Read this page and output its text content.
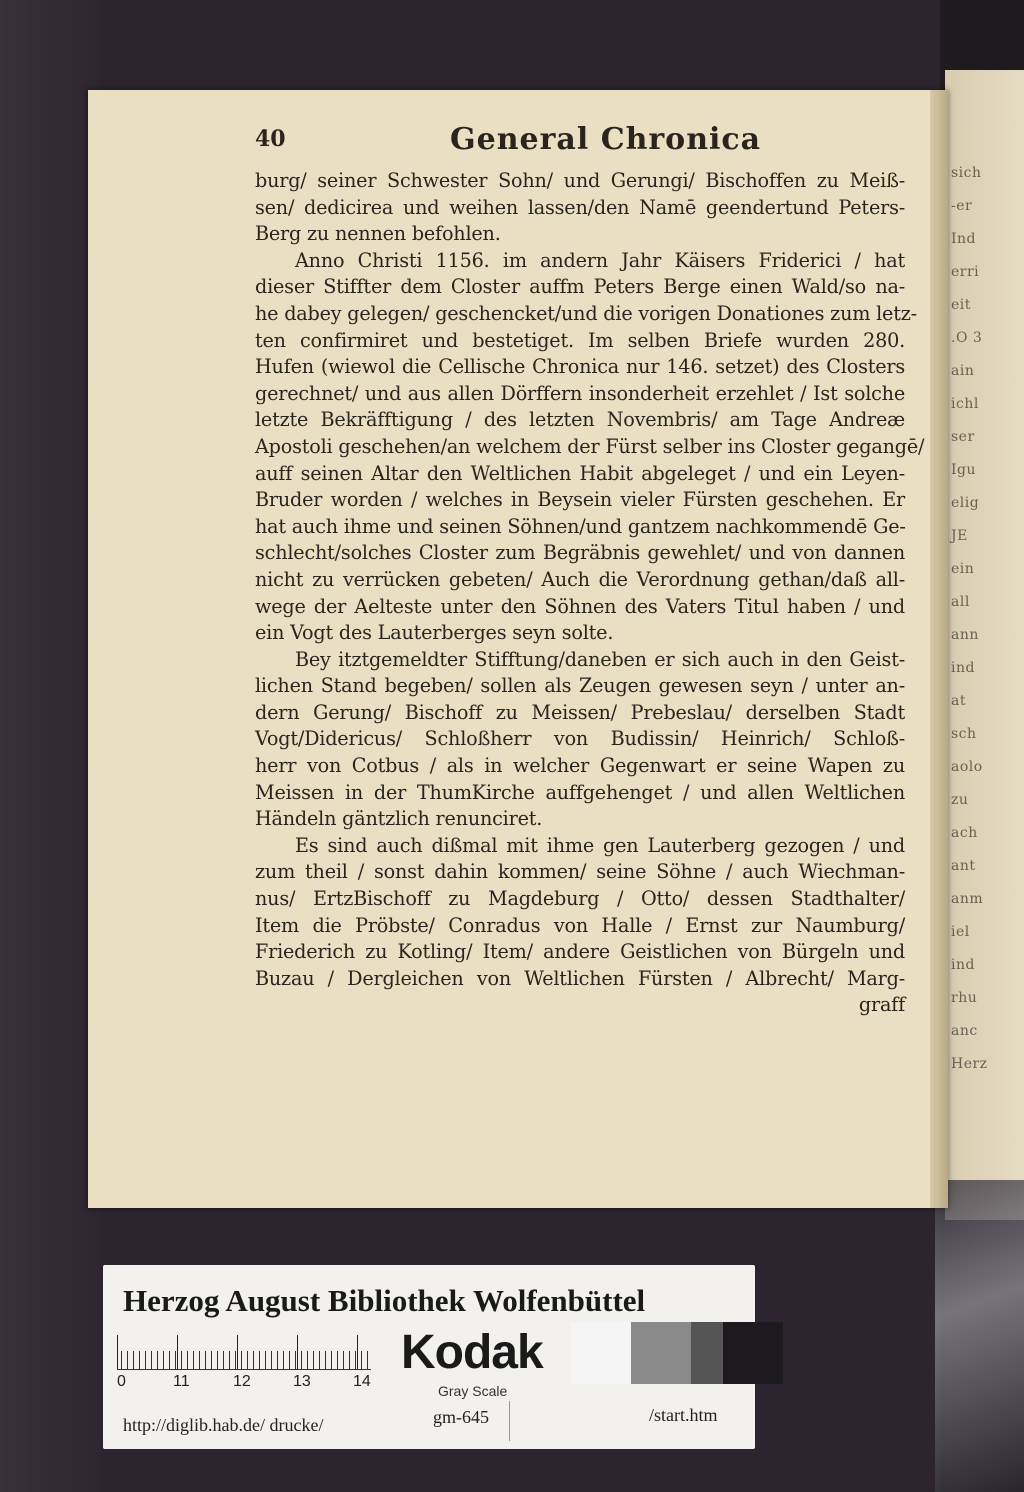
sich
-er
Ind
erri
eit
.O 3
ain
ichl
ser
Igu
elig
JE
ein
all
ann
ind
at
sch
aolo
zu
ach
ant
anm
iel
ind
rhu
anc
Herz
40	General Chronica
burg/ seiner Schwester Sohn/ und Gerungi/ Bischoffen zu Meiß-
sen/ dedicirea und weihen lassen/den Namē geendertund Peters-
Berg zu nennen befohlen.
Anno Christi 1156. im andern Jahr Käisers Friderici / hat
dieser Stiffter dem Closter auffm Peters Berge einen Wald/so na-
he dabey gelegen/ geschencket/und die vorigen Donationes zum letz-
ten confirmiret und bestetiget. Im selben Briefe wurden 280.
Hufen (wiewol die Cellische Chronica nur 146. setzet) des Closters
gerechnet/ und aus allen Dörffern insonderheit erzehlet / Ist solche
letzte Bekräfftigung / des letzten Novembris/ am Tage Andreæ
Apostoli geschehen/an welchem der Fürst selber ins Closter gegangē/
auff seinen Altar den Weltlichen Habit abgeleget / und ein Leyen-
Bruder worden / welches in Beysein vieler Fürsten geschehen. Er
hat auch ihme und seinen Söhnen/und gantzem nachkommendē Ge-
schlecht/solches Closter zum Begräbnis gewehlet/ und von dannen
nicht zu verrücken gebeten/ Auch die Verordnung gethan/daß all-
wege der Aelteste unter den Söhnen des Vaters Titul haben / und
ein Vogt des Lauterberges seyn solte.
Bey itztgemeldter Stifftung/daneben er sich auch in den Geist-
lichen Stand begeben/ sollen als Zeugen gewesen seyn / unter an-
dern Gerung/ Bischoff zu Meissen/ Prebeslau/ derselben Stadt
Vogt/Didericus/ Schloßherr von Budissin/ Heinrich/ Schloß-
herr von Cotbus / als in welcher Gegenwart er seine Wapen zu
Meissen in der ThumKirche auffgehenget / und allen Weltlichen
Händeln gäntzlich renunciret.
Es sind auch dißmal mit ihme gen Lauterberg gezogen / und
zum theil / sonst dahin kommen/ seine Söhne / auch Wiechman-
nus/ ErtzBischoff zu Magdeburg / Otto/ dessen Stadthalter/
Item die Pröbste/ Conradus von Halle / Ernst zur Naumburg/
Friederich zu Kotling/ Item/ andere Geistlichen von Bürgeln und
Buzau / Dergleichen von Weltlichen Fürsten / Albrecht/ Marg-
graff
Herzog August Bibliothek Wolfenbüttel
0	11	12	13	14
Kodak
Gray Scale
http://diglib.hab.de/ drucke/	gm-645	/start.htm
